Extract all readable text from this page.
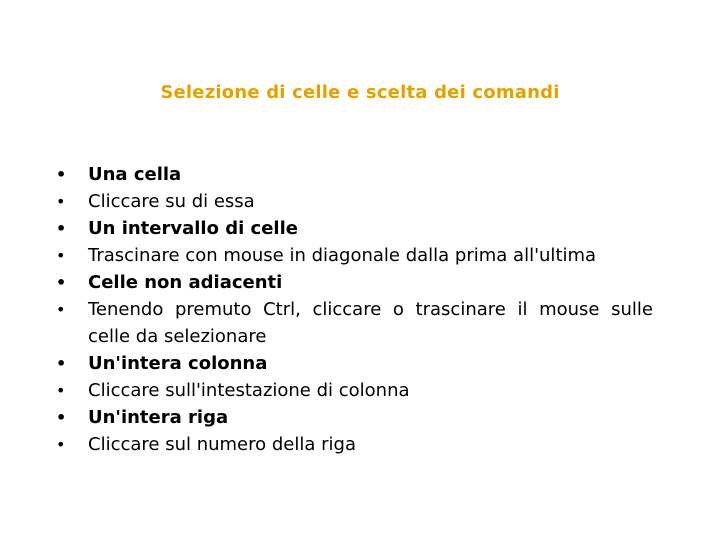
Selezione di celle e scelta dei comandi
• Una cella
• Cliccare su di essa
• Un intervallo di celle
• Trascinare con mouse in diagonale dalla prima all'ultima
• Celle non adiacenti
• Tenendo premuto Ctrl, cliccare o trascinare il mouse sulle celle da selezionare
• Un'intera colonna
• Cliccare sull'intestazione di colonna
• Un'intera riga
• Cliccare sul numero della riga
